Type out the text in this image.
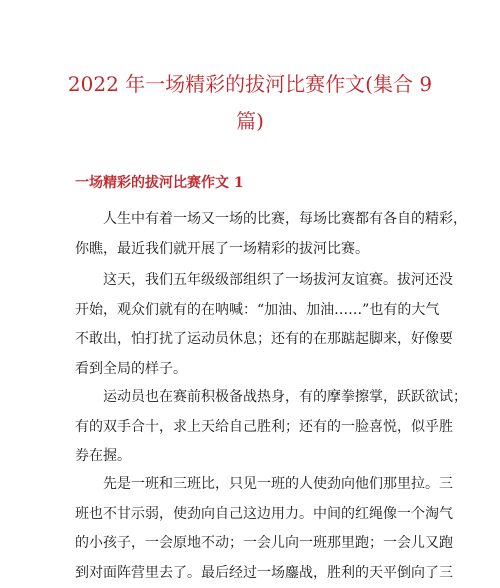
2022 年一场精彩的拔河比赛作文(集合 9
篇)
一场精彩的拔河比赛作文 1

人生中有着一场又一场的比赛，每场比赛都有各自的精彩，
你瞧，最近我们就开展了一场精彩的拔河比赛。

这天，我们五年级级部组织了一场拔河友谊赛。拔河还没
开始，观众们就有的在呐喊：“加油、加油……”也有的大气
不敢出，怕打扰了运动员休息；还有的在那踮起脚来，好像要
看到全局的样子。

运动员也在赛前积极备战热身，有的摩拳擦掌，跃跃欲试；
有的双手合十，求上天给自己胜利；还有的一脸喜悦，似乎胜
券在握。

先是一班和三班比，只见一班的人使劲向他们那里拉。三
班也不甘示弱，使劲向自己这边用力。中间的红绳像一个淘气
的小孩子，一会原地不动；一会儿向一班那里跑；一会儿又跑
到对面阵营里去了。最后经过一场鏖战，胜利的天平倒向了三
